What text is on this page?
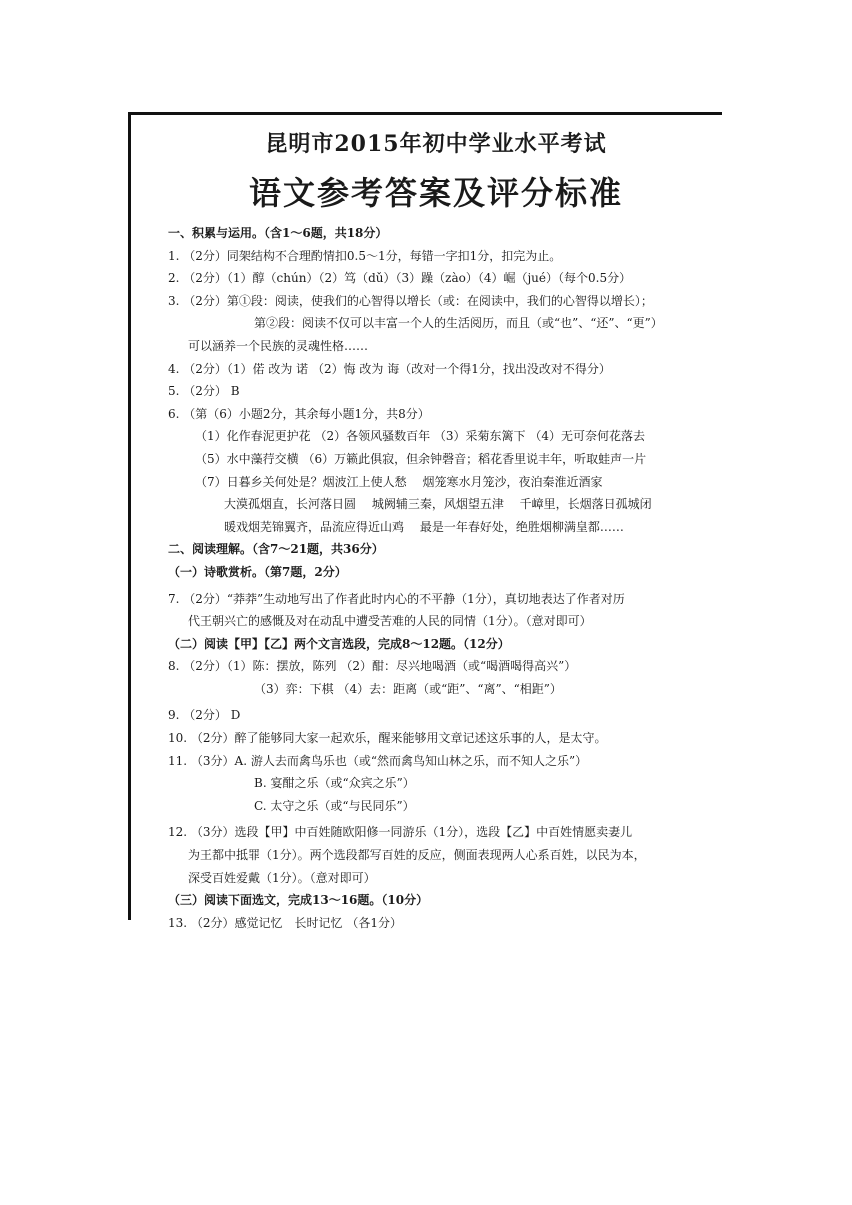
昆明市2015年初中学业水平考试
语文参考答案及评分标准
一、积累与运用。（含1～6题，共18分）
1. （2分）同架结构不合理酌情扣0.5～1分，每错一字扣1分，扣完为止。
2. （2分）（1）醇（chún）（2）笃（dǔ）（3）躁（zào）（4）崛（jué）（每个0.5分）
3. （2分）第①段：阅读，使我们的心智得以增长（或：在阅读中，我们的心智得以增长）；
第②段：阅读不仅可以丰富一个人的生活阅历，而且（或“也”、“还”、“更”）
可以涵养一个民族的灵魂性格……
4. （2分）（1）偌 改为 诺 （2）悔 改为 诲（改对一个得1分，找出没改对不得分）
5. （2分） B
6. （第（6）小题2分，其余每小题1分，共8分）
（1）化作春泥更护花 （2）各领风骚数百年 （3）采菊东篱下 （4）无可奈何花落去
（5）水中藻荇交横 （6）万籁此俱寂，但余钟磬音；稻花香里说丰年，听取蛙声一片
（7）日暮乡关何处是？烟波江上使人愁　 烟笼寒水月笼沙，夜泊秦淮近酒家
大漠孤烟直，长河落日圆　 城阙辅三秦，风烟望五津　 千嶂里，长烟落日孤城闭
暖戏烟芜锦翼齐，品流应得近山鸡　 最是一年春好处，绝胜烟柳满皇都……
二、阅读理解。（含7～21题，共36分）
（一）诗歌赏析。（第7题，2分）
7. （2分）“莽莽”生动地写出了作者此时内心的不平静（1分），真切地表达了作者对历
代王朝兴亡的感慨及对在动乱中遭受苦难的人民的同情（1分）。（意对即可）
（二）阅读【甲】【乙】两个文言选段，完成8～12题。（12分）
8. （2分）（1）陈：摆放，陈列 （2）酣：尽兴地喝酒（或“喝酒喝得高兴”）
（3）弈：下棋 （4）去：距离（或“距”、“离”、“相距”）
9. （2分） D
10. （2分）醉了能够同大家一起欢乐，醒来能够用文章记述这乐事的人，是太守。
11. （3分）A. 游人去而禽鸟乐也（或“然而禽鸟知山林之乐，而不知人之乐”）
B. 宴酣之乐（或“众宾之乐”）
C. 太守之乐（或“与民同乐”）
12. （3分）选段【甲】中百姓随欧阳修一同游乐（1分），选段【乙】中百姓情愿卖妻儿
为王都中抵罪（1分）。两个选段都写百姓的反应，侧面表现两人心系百姓，以民为本，
深受百姓爱戴（1分）。（意对即可）
（三）阅读下面选文，完成13～16题。（10分）
13. （2分）感觉记忆　长时记忆 （各1分）
